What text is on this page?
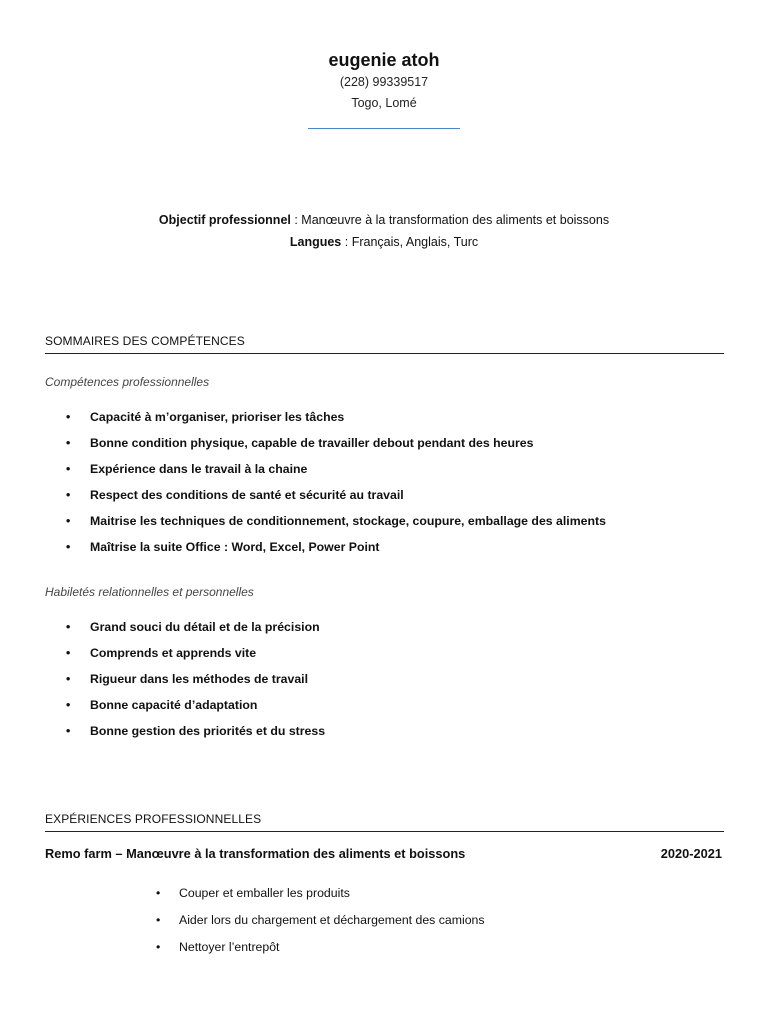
eugenie atoh
(228) 99339517
Togo, Lomé
Objectif professionnel : Manœuvre à la transformation des aliments et boissons
Langues : Français, Anglais, Turc
SOMMAIRES DES COMPÉTENCES
Compétences professionnelles
• Capacité à m’organiser, prioriser les tâches
• Bonne condition physique, capable de travailler debout pendant des heures
• Expérience dans le travail à la chaine
• Respect des conditions de santé et sécurité au travail
• Maitrise les techniques de conditionnement, stockage, coupure, emballage des aliments
• Maîtrise la suite Office : Word, Excel, Power Point
Habiletés relationnelles et personnelles
• Grand souci du détail et de la précision
• Comprends et apprends vite
• Rigueur dans les méthodes de travail
• Bonne capacité d’adaptation
• Bonne gestion des priorités et du stress
EXPÉRIENCES PROFESSIONNELLES
Remo farm – Manœuvre à la transformation des aliments et boissons	2020-2021
• Couper et emballer les produits
• Aider lors du chargement et déchargement des camions
• Nettoyer l’entrepôt
